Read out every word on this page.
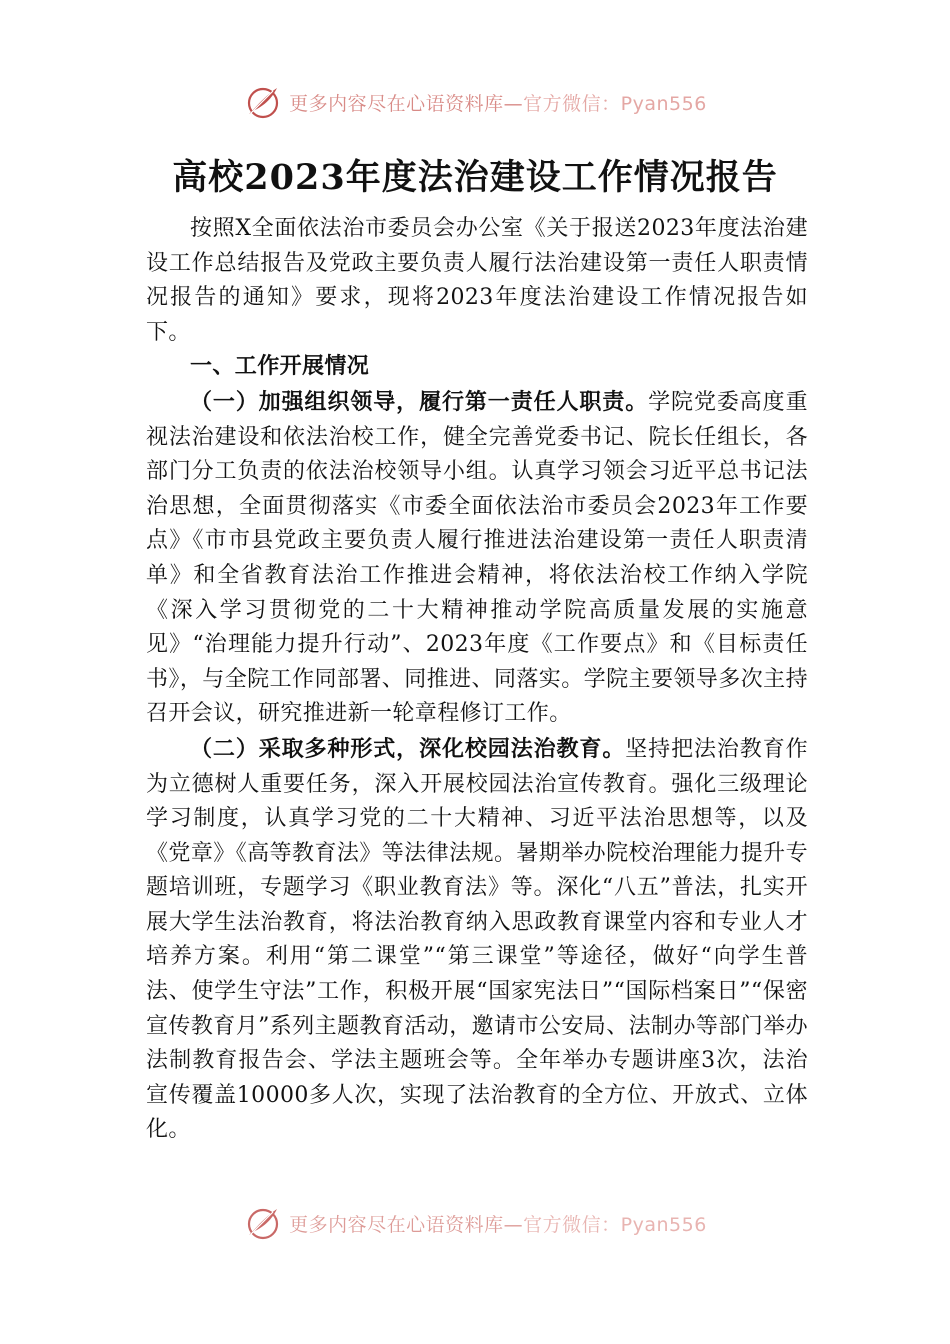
更多内容尽在心语资料库—官方微信：Pyan556
高校2023年度法治建设工作情况报告

按照X全面依法治市委员会办公室《关于报送2023年度法治建设工作总结报告及党政主要负责人履行法治建设第一责任人职责情况报告的通知》要求，现将2023年度法治建设工作情况报告如下。

一、工作开展情况

（一）加强组织领导，履行第一责任人职责。学院党委高度重视法治建设和依法治校工作，健全完善党委书记、院长任组长，各部门分工负责的依法治校领导小组。认真学习领会习近平总书记法治思想，全面贯彻落实《市委全面依法治市委员会2023年工作要点》《市市县党政主要负责人履行推进法治建设第一责任人职责清单》和全省教育法治工作推进会精神，将依法治校工作纳入学院《深入学习贯彻党的二十大精神推动学院高质量发展的实施意见》“治理能力提升行动”、2023年度《工作要点》和《目标责任书》，与全院工作同部署、同推进、同落实。学院主要领导多次主持召开会议，研究推进新一轮章程修订工作。

（二）采取多种形式，深化校园法治教育。坚持把法治教育作为立德树人重要任务，深入开展校园法治宣传教育。强化三级理论学习制度，认真学习党的二十大精神、习近平法治思想等，以及《党章》《高等教育法》等法律法规。暑期举办院校治理能力提升专题培训班，专题学习《职业教育法》等。深化“八五”普法，扎实开展大学生法治教育，将法治教育纳入思政教育课堂内容和专业人才培养方案。利用“第二课堂”“第三课堂”等途径，做好“向学生普法、使学生守法”工作，积极开展“国家宪法日”“国际档案日”“保密宣传教育月”系列主题教育活动，邀请市公安局、法制办等部门举办法制教育报告会、学法主题班会等。全年举办专题讲座3次，法治宣传覆盖10000多人次，实现了法治教育的全方位、开放式、立体化。

更多内容尽在心语资料库—官方微信：Pyan556
